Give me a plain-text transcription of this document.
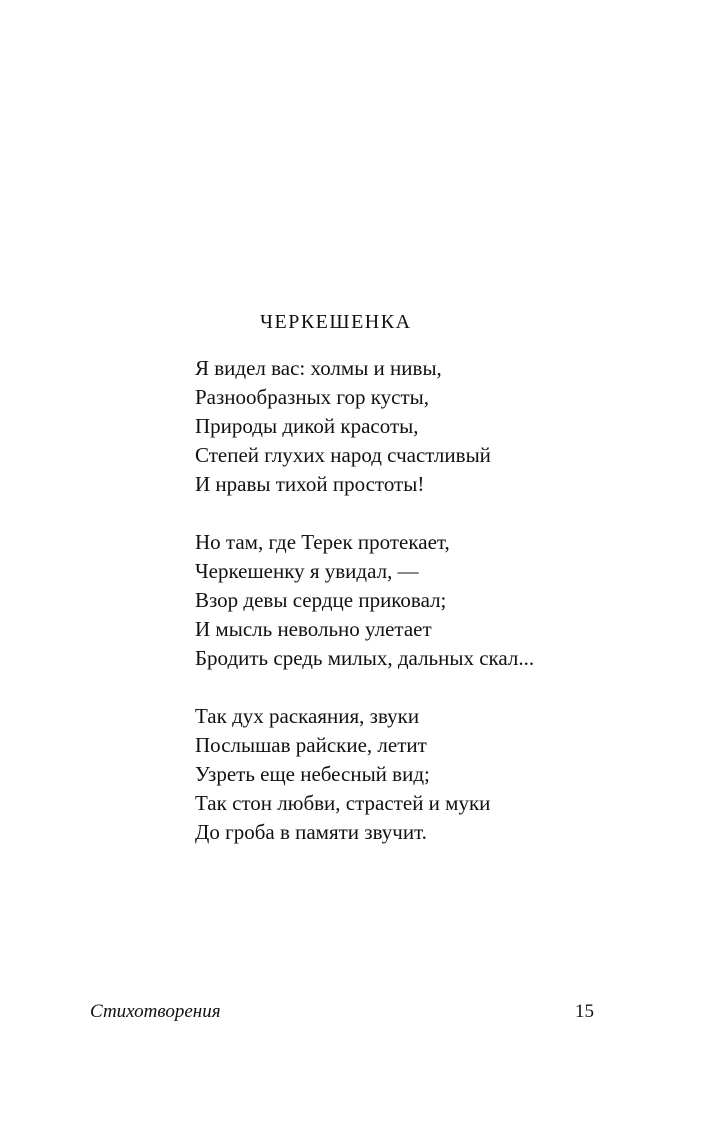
ЧЕРКЕШЕНКА
Я видел вас: холмы и нивы,
Разнообразных гор кусты,
Природы дикой красоты,
Степей глухих народ счастливый
И нравы тихой простоты!
Но там, где Терек протекает,
Черкешенку я увидал, —
Взор девы сердце приковал;
И мысль невольно улетает
Бродить средь милых, дальных скал...
Так дух раскаяния, звуки
Послышав райские, летит
Узреть еще небесный вид;
Так стон любви, страстей и муки
До гроба в памяти звучит.
Стихотворения	15
